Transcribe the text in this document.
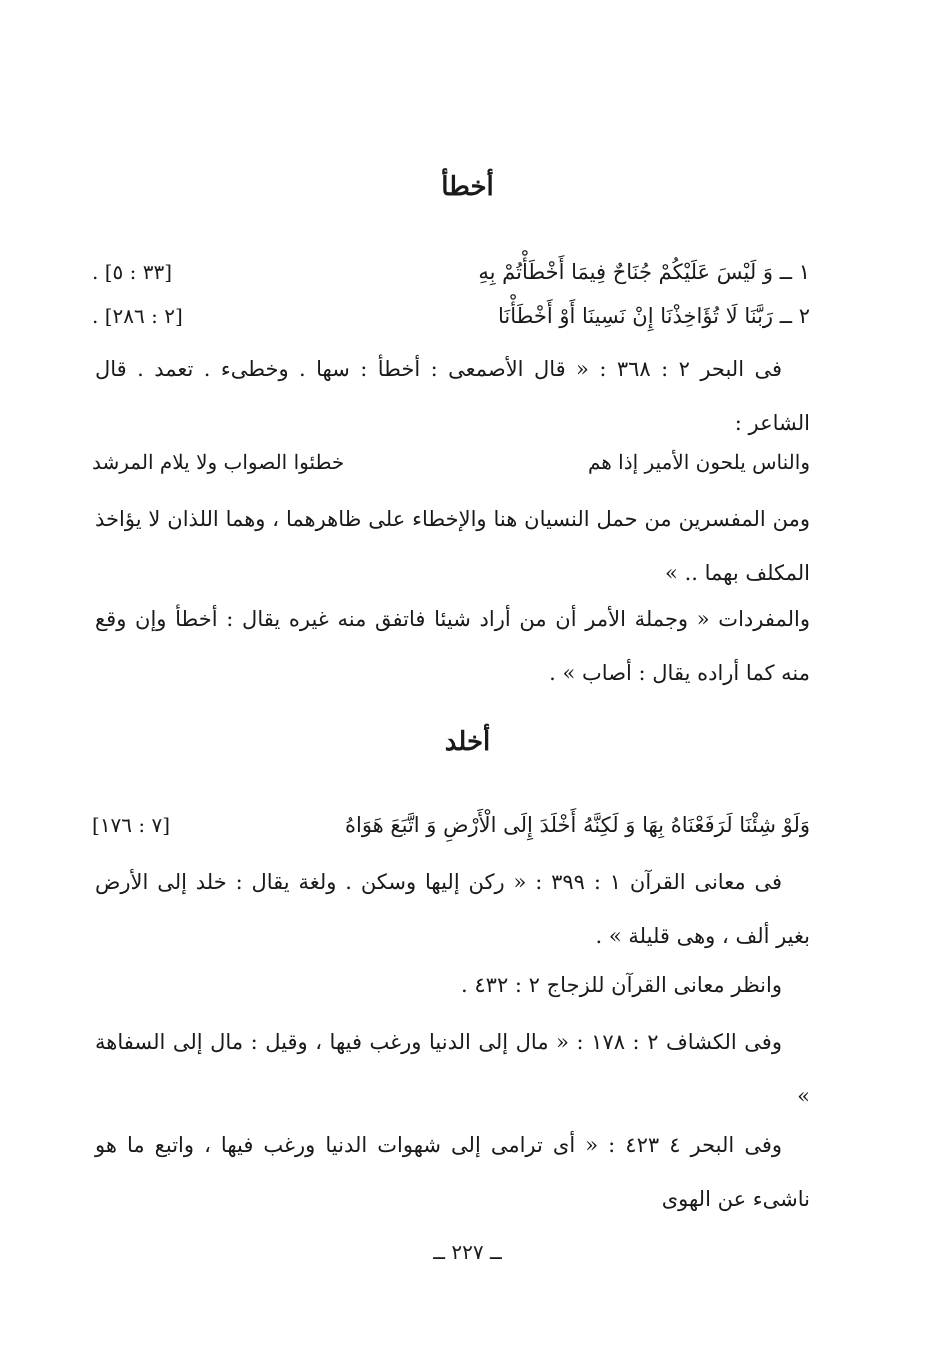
أخطأ
١ ــ وَ لَيْسَ عَلَيْكُمْ جُنَاحٌ فِيمَا أَخْطَأْتُمْ بِهِ
[٣٣ : ٥] .
٢ ــ رَبَّنَا لَا تُؤَاخِذْنَا إِنْ نَسِينَا أَوْ أَخْطَأْنَا
[٢ : ٢٨٦] .
فى البحر ٢ : ٣٦٨ : « قال الأصمعى : أخطأ : سها . وخطىء . تعمد . قال الشاعر :
والناس يلحون الأمير إذا هم
خطئوا الصواب ولا يلام المرشد
ومن المفسرين من حمل النسيان هنا والإخطاء على ظاهرهما ، وهما اللذان لا يؤاخذ المكلف بهما .. »
والمفردات « وجملة الأمر أن من أراد شيئا فاتفق منه غيره يقال : أخطأ وإن وقع منه كما أراده يقال : أصاب » .
أخلد
وَلَوْ شِئْنَا لَرَفَعْنَاهُ بِهَا وَ لَكِنَّهُ أَخْلَدَ إِلَى الْأَرْضِ وَ اتَّبَعَ هَوَاهُ
[٧ : ١٧٦]
فى معانى القرآن ١ : ٣٩٩ : « ركن إليها وسكن . ولغة يقال : خلد إلى الأرض بغير ألف ، وهى قليلة » .
وانظر معانى القرآن للزجاج ٢ : ٤٣٢ .
وفى الكشاف ٢ : ١٧٨ : « مال إلى الدنيا ورغب فيها ، وقيل : مال إلى السفاهة »
وفى البحر ٤ ٤٢٣ : « أى ترامى إلى شهوات الدنيا ورغب فيها ، واتبع ما هو ناشىء عن الهوى
ــ ٢٢٧ ــ
